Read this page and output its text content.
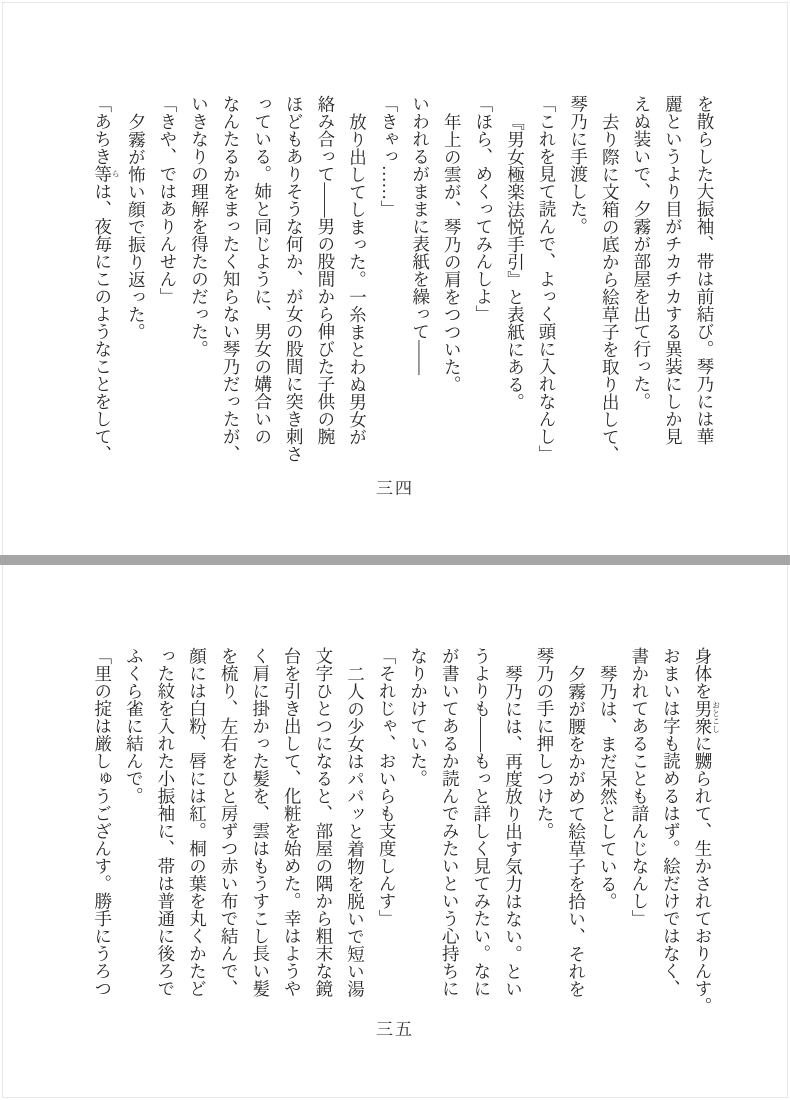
を散らした大振袖、帯は前結び。琴乃には華
麗というより目がチカチカする異装にしか見
えぬ装いで、夕霧が部屋を出て行った。
去り際に文箱の底から絵草子を取り出して、
琴乃に手渡した。
「これを見て読んで、よっく頭に入れなんし」
『男女極楽法悦手引』と表紙にある。
「ほら、めくってみんしよ」
年上の雲が、琴乃の肩をつついた。
いわれるがままに表紙を繰って――
「きゃっ……」
放り出してしまった。一糸まとわぬ男女が
絡み合って――男の股間から伸びた子供の腕
ほどもありそうな何か、が女の股間に突き刺さ
っている。姉と同じように、男女の媾合いの
なんたるかをまったく知らない琴乃だったが、
いきなりの理解を得たのだった。
「きや、ではありんせん」
夕霧が怖い顔で振り返った。
「あちき等らは、夜毎にこのようなことをして、
三四
身体を男衆おとこしに嬲られて、生かされておりんす。
おまいは字も読めるはず。絵だけではなく、
書かれてあることも諳んじなんし」
琴乃は、まだ呆然としている。
夕霧が腰をかがめて絵草子を拾い、それを
琴乃の手に押しつけた。
琴乃には、再度放り出す気力はない。とい
うよりも――もっと詳しく見てみたい。なに
が書いてあるか読んでみたいという心持ちに
なりかけていた。
「それじゃ、おいらも支度しんす」
二人の少女はパパッと着物を脱いで短い湯
文字ひとつになると、部屋の隅から粗末な鏡
台を引き出して、化粧を始めた。幸はようや
く肩に掛かった髪を、雲はもうすこし長い髪
を梳り、左右をひと房ずつ赤い布で結んで、
顔には白粉、唇には紅。桐の葉を丸くかたど
った紋を入れた小振袖に、帯は普通に後ろで
ふくら雀に結んで。
「里の掟は厳しゅうござんす。勝手にうろつ
三五
